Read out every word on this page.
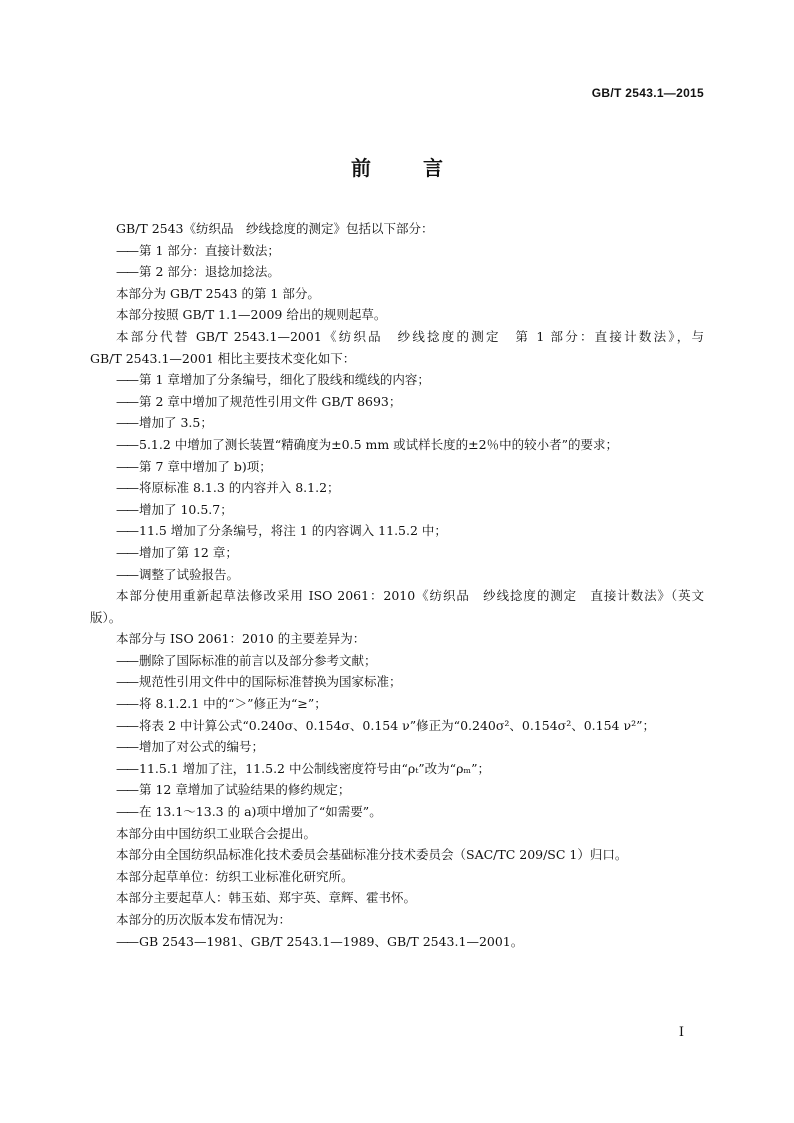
GB/T 2543.1—2015
前	言
GB/T 2543《纺织品　纱线捻度的测定》包括以下部分：
—— 第 1 部分：直接计数法；
—— 第 2 部分：退捻加捻法。
本部分为 GB/T 2543 的第 1 部分。
本部分按照 GB/T 1.1—2009 给出的规则起草。
本部分代替 GB/T 2543.1—2001《纺织品　纱线捻度的测定　第 1 部分：直接计数法》，与
GB/T 2543.1—2001 相比主要技术变化如下：
—— 第 1 章增加了分条编号，细化了股线和缆线的内容；
—— 第 2 章中增加了规范性引用文件 GB/T 8693；
—— 增加了 3.5；
—— 5.1.2 中增加了测长装置“精确度为±0.5 mm 或试样长度的±2％中的较小者”的要求；
—— 第 7 章中增加了 b)项；
—— 将原标准 8.1.3 的内容并入 8.1.2；
—— 增加了 10.5.7；
—— 11.5 增加了分条编号，将注 1 的内容调入 11.5.2 中；
—— 增加了第 12 章；
—— 调整了试验报告。
本部分使用重新起草法修改采用 ISO 2061：2010《纺织品　纱线捻度的测定　直接计数法》（英文
版）。
本部分与 ISO 2061：2010 的主要差异为：
—— 删除了国际标准的前言以及部分参考文献；
—— 规范性引用文件中的国际标准替换为国家标准；
—— 将 8.1.2.1 中的“＞”修正为“≥”；
—— 将表 2 中计算公式“0.240σ、0.154σ、0.154 ν”修正为“0.240σ²、0.154σ²、0.154 ν²”；
—— 增加了对公式的编号；
—— 11.5.1 增加了注，11.5.2 中公制线密度符号由“ρₜ”改为“ρₘ”；
—— 第 12 章增加了试验结果的修约规定；
—— 在 13.1～13.3 的 a)项中增加了“如需要”。
本部分由中国纺织工业联合会提出。
本部分由全国纺织品标准化技术委员会基础标准分技术委员会（SAC/TC 209/SC 1）归口。
本部分起草单位：纺织工业标准化研究所。
本部分主要起草人：韩玉茹、郑宇英、章辉、霍书怀。
本部分的历次版本发布情况为：
—— GB 2543—1981、GB/T 2543.1—1989、GB/T 2543.1—2001。
I
